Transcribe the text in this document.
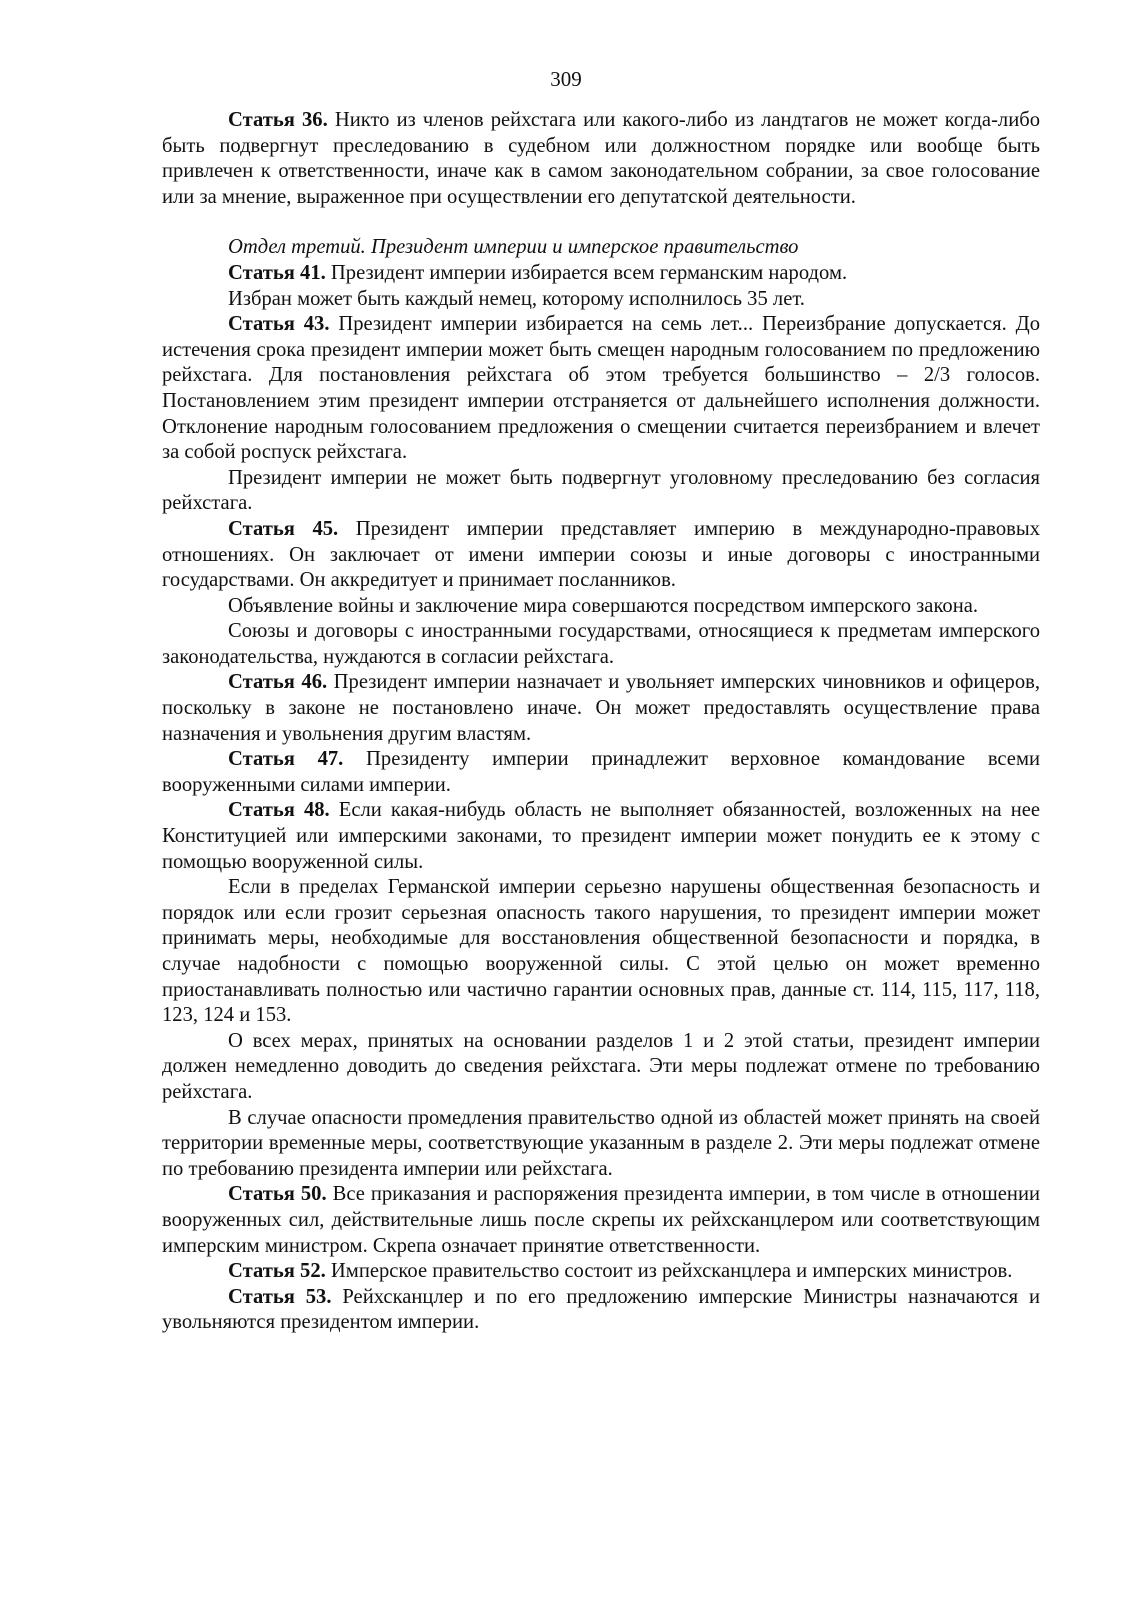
309

Статья 36. Никто из членов рейхстага или какого-либо из ландтагов не может когда-либо быть подвергнут преследованию в судебном или должностном порядке или вообще быть привлечен к ответственности, иначе как в самом законодательном собрании, за свое голосование или за мнение, выраженное при осуществлении его депутатской деятельности.

Отдел третий. Президент империи и имперское правительство

Статья 41. Президент империи избирается всем германским народом.

Избран может быть каждый немец, которому исполнилось 35 лет.

Статья 43. Президент империи избирается на семь лет... Переизбрание допускается. До истечения срока президент империи может быть смещен народным голосованием по предложению рейхстага. Для постановления рейхстага об этом требуется большинство – 2/3 голосов. Постановлением этим президент империи отстраняется от дальнейшего исполнения должности. Отклонение народным голосованием предложения о смещении считается переизбранием и влечет за собой роспуск рейхстага.

Президент империи не может быть подвергнут уголовному преследованию без согласия рейхстага.

Статья 45. Президент империи представляет империю в международно-правовых отношениях. Он заключает от имени империи союзы и иные договоры с иностранными государствами. Он аккредитует и принимает посланников.

Объявление войны и заключение мира совершаются посредством имперского закона.

Союзы и договоры с иностранными государствами, относящиеся к предметам имперского законодательства, нуждаются в согласии рейхстага.

Статья 46. Президент империи назначает и увольняет имперских чиновников и офицеров, поскольку в законе не постановлено иначе. Он может предоставлять осуществление права назначения и увольнения другим властям.

Статья 47. Президенту империи принадлежит верховное командование всеми вооруженными силами империи.

Статья 48. Если какая-нибудь область не выполняет обязанностей, возложенных на нее Конституцией или имперскими законами, то президент империи может понудить ее к этому с помощью вооруженной силы.

Если в пределах Германской империи серьезно нарушены общественная безопасность и порядок или если грозит серьезная опасность такого нарушения, то президент империи может принимать меры, необходимые для восстановления общественной безопасности и порядка, в случае надобности с помощью вооруженной силы. С этой целью он может временно приостанавливать полностью или частично гарантии основных прав, данные ст. 114, 115, 117, 118, 123, 124 и 153.

О всех мерах, принятых на основании разделов 1 и 2 этой статьи, президент империи должен немедленно доводить до сведения рейхстага. Эти меры подлежат отмене по требованию рейхстага.

В случае опасности промедления правительство одной из областей может принять на своей территории временные меры, соответствующие указанным в разделе 2. Эти меры подлежат отмене по требованию президента империи или рейхстага.

Статья 50. Все приказания и распоряжения президента империи, в том числе в отношении вооруженных сил, действительные лишь после скрепы их рейхсканцлером или соответствующим имперским министром. Скрепа означает принятие ответственности.

Статья 52. Имперское правительство состоит из рейхсканцлера и имперских министров.

Статья 53. Рейхсканцлер и по его предложению имперские Министры назначаются и увольняются президентом империи.
